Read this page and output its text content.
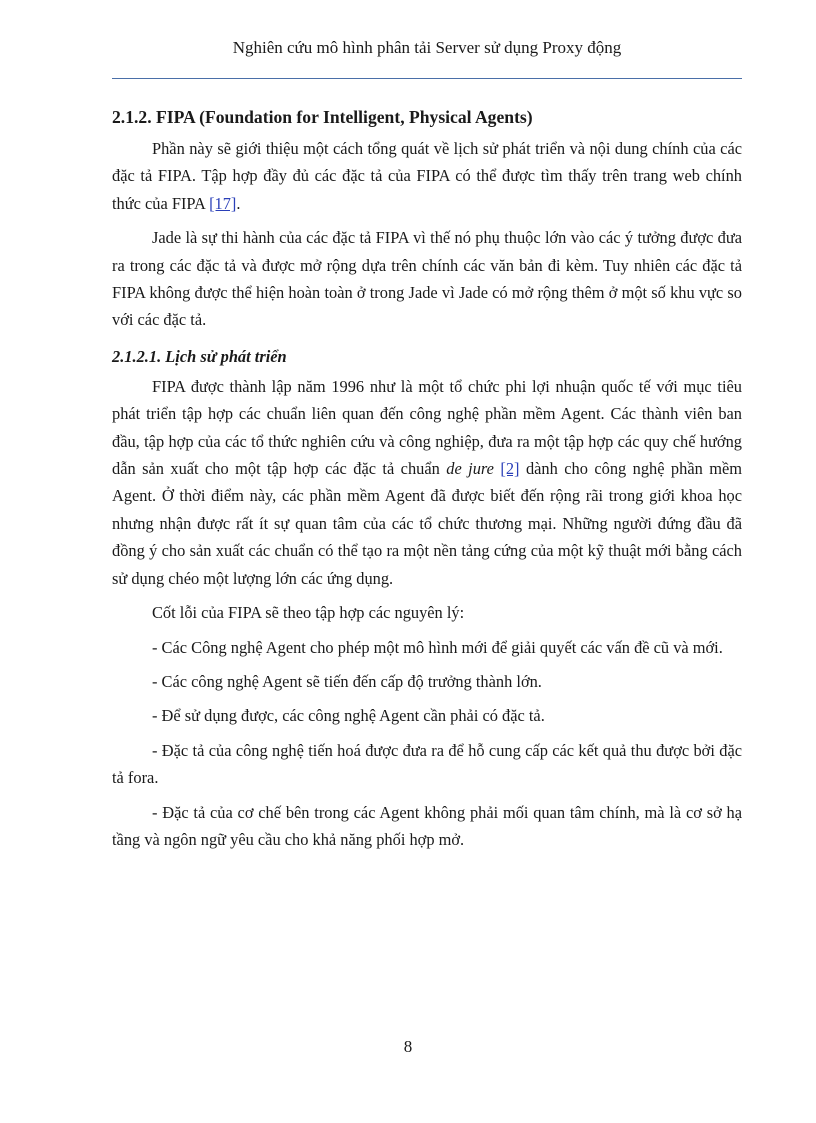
Nghiên cứu mô hình phân tải Server sử dụng Proxy động
2.1.2. FIPA (Foundation for Intelligent, Physical Agents)

Phần này sẽ giới thiệu một cách tổng quát về lịch sử phát triển và nội dung chính của các đặc tả FIPA. Tập hợp đầy đủ các đặc tả của FIPA có thể được tìm thấy trên trang web chính thức của FIPA [17].

Jade là sự thi hành của các đặc tả FIPA vì thế nó phụ thuộc lớn vào các ý tưởng được đưa ra trong các đặc tả và được mở rộng dựa trên chính các văn bản đi kèm. Tuy nhiên các đặc tả FIPA không được thể hiện hoàn toàn ở trong Jade vì Jade có mở rộng thêm ở một số khu vực so với các đặc tả.

2.1.2.1. Lịch sử phát triển

FIPA được thành lập năm 1996 như là một tổ chức phi lợi nhuận quốc tế với mục tiêu phát triển tập hợp các chuẩn liên quan đến công nghệ phần mềm Agent. Các thành viên ban đầu, tập hợp của các tổ thức nghiên cứu và công nghiệp, đưa ra một tập hợp các quy chế hướng dẫn sản xuất cho một tập hợp các đặc tả chuẩn de jure [2] dành cho công nghệ phần mềm Agent. Ở thời điểm này, các phần mềm Agent đã được biết đến rộng rãi trong giới khoa học nhưng nhận được rất ít sự quan tâm của các tổ chức thương mại. Những người đứng đầu đã đồng ý cho sản xuất các chuẩn có thể tạo ra một nền tảng cứng của một kỹ thuật mới bằng cách sử dụng chéo một lượng lớn các ứng dụng.

Cốt lỗi của FIPA sẽ theo tập hợp các nguyên lý:

- Các Công nghệ Agent cho phép một mô hình mới để giải quyết các vấn đề cũ và mới.

- Các công nghệ Agent sẽ tiến đến cấp độ trưởng thành lớn.

- Để sử dụng được, các công nghệ Agent cần phải có đặc tả.

- Đặc tả của công nghệ tiến hoá được đưa ra để hỗ cung cấp các kết quả thu được bởi đặc tả fora.

- Đặc tả của cơ chế bên trong các Agent không phải mối quan tâm chính, mà là cơ sở hạ tầng và ngôn ngữ yêu cầu cho khả năng phối hợp mở.

8
